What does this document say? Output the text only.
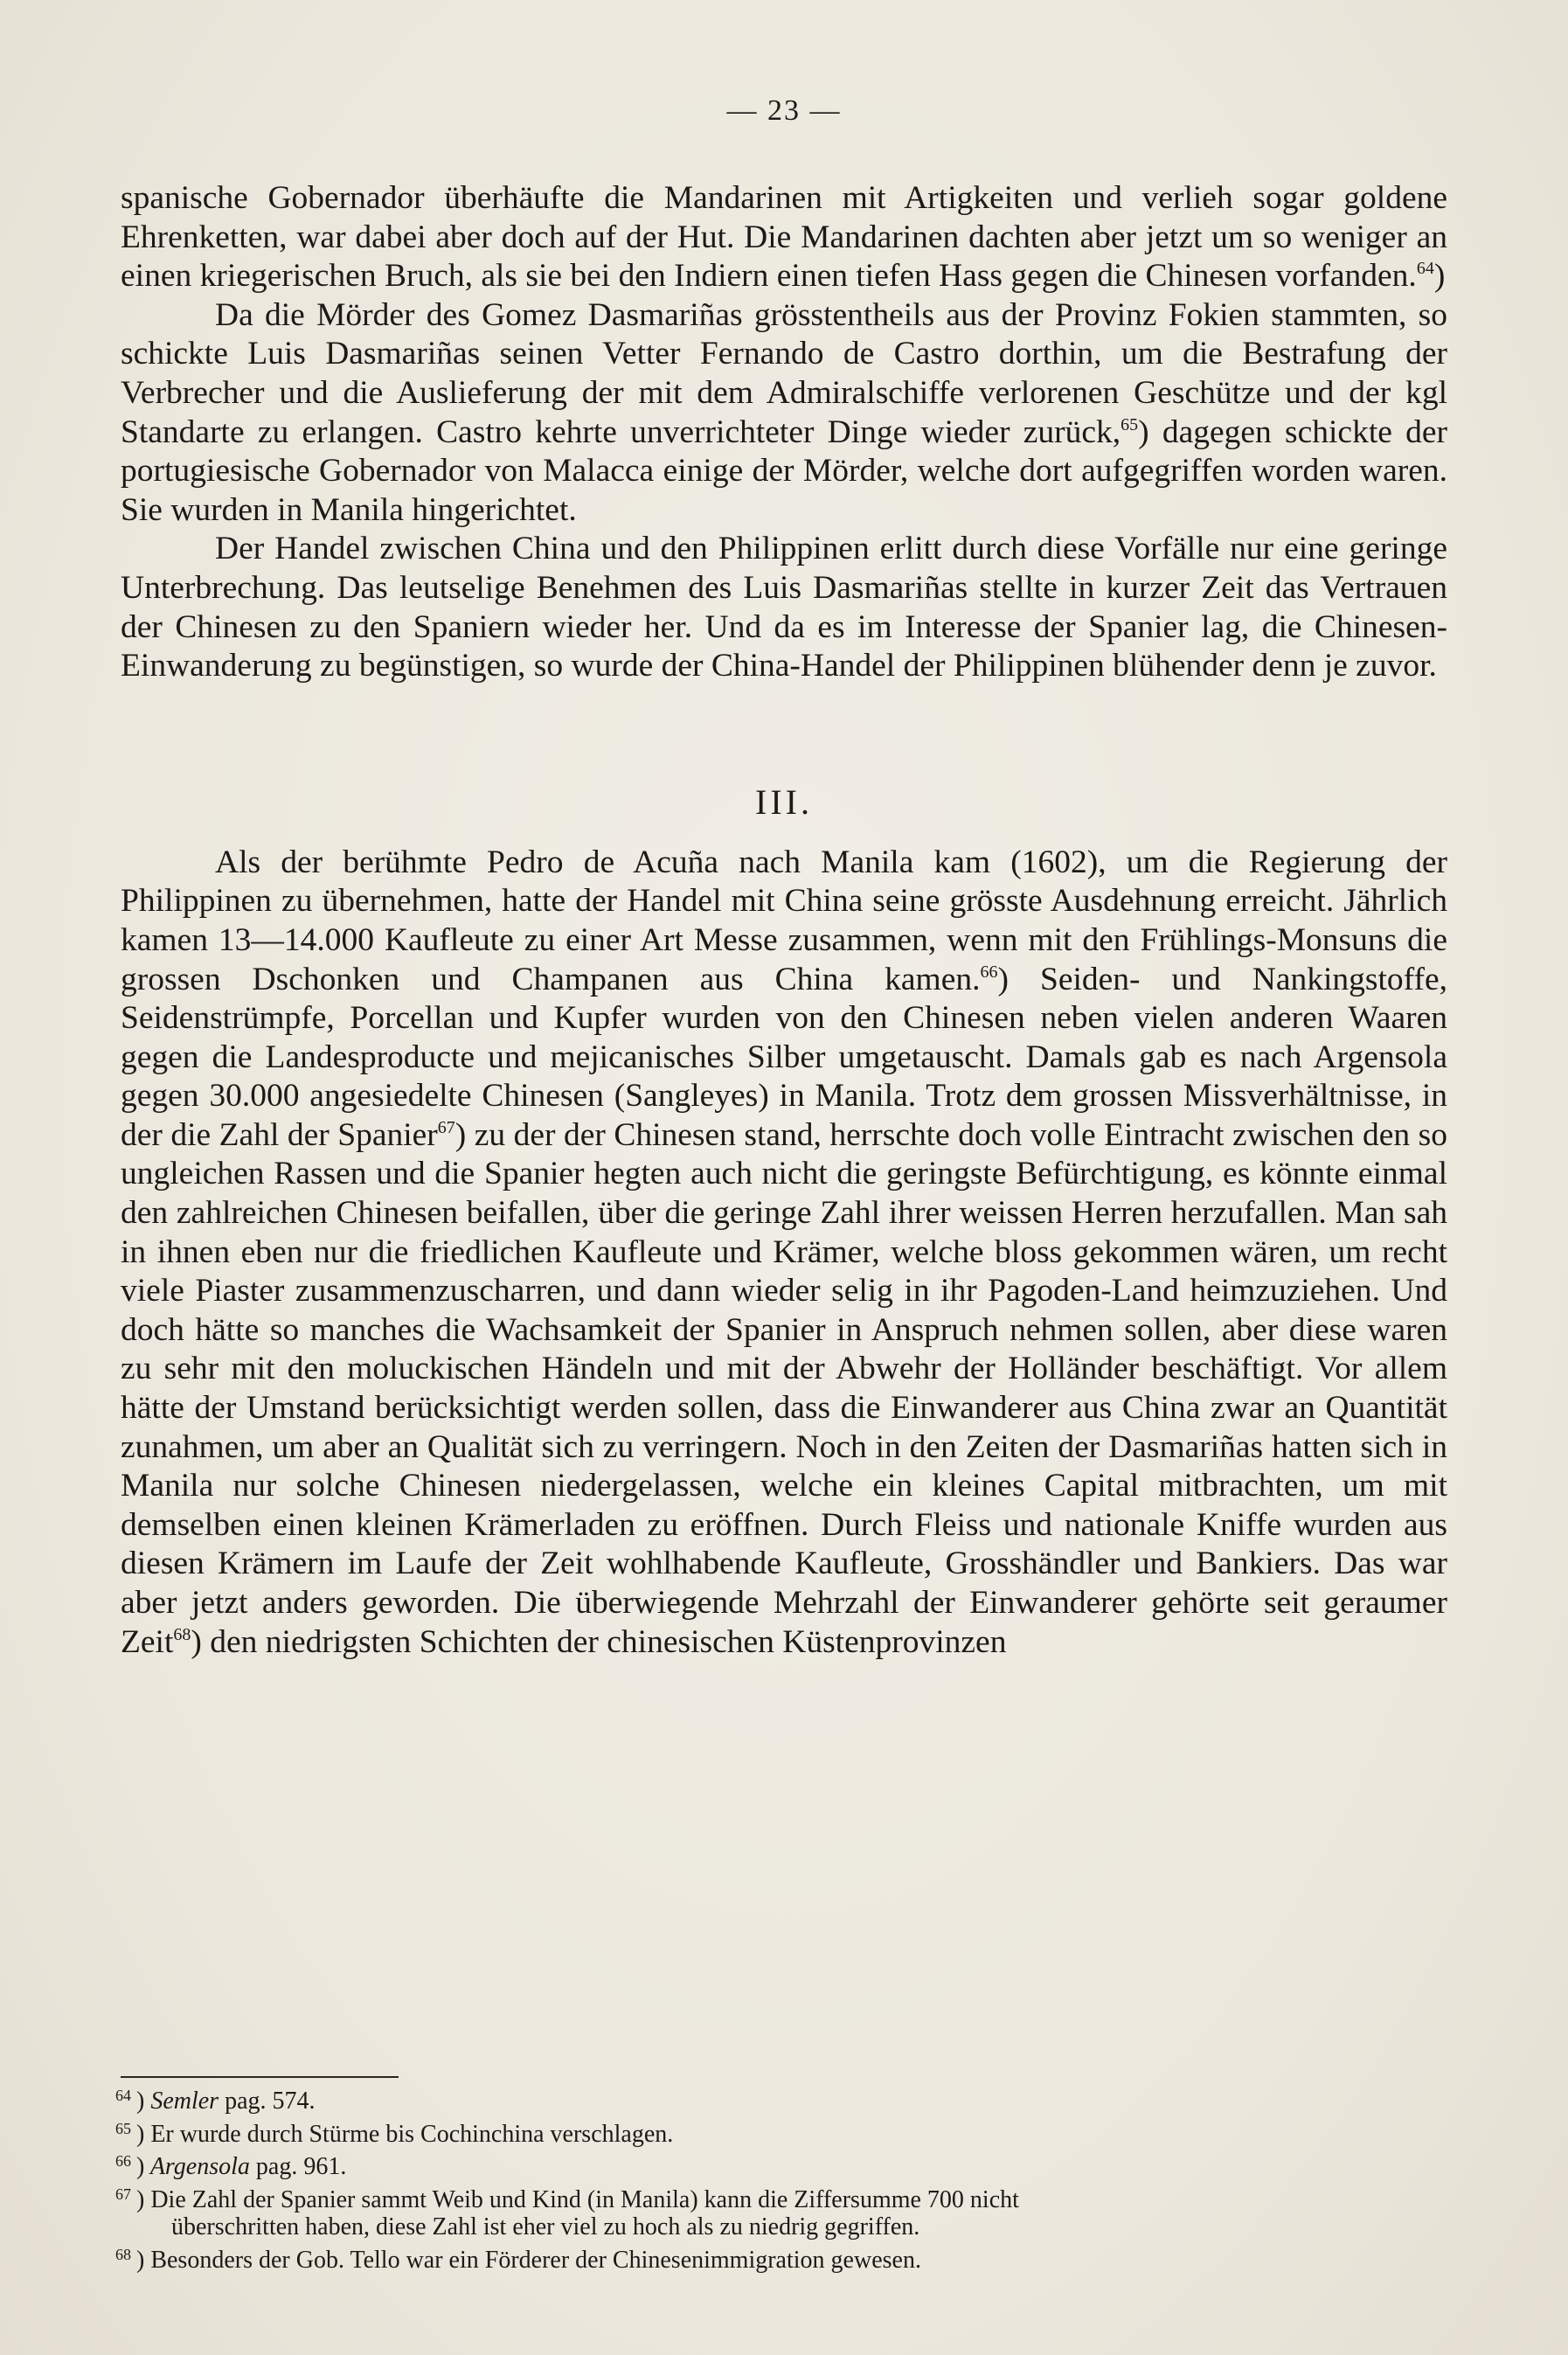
— 23 —

spanische Gobernador überhäufte die Mandarinen mit Artigkeiten und verlieh sogar goldene Ehrenketten, war dabei aber doch auf der Hut. Die Mandarinen dachten aber jetzt um so weniger an einen kriegerischen Bruch, als sie bei den Indiern einen tiefen Hass gegen die Chinesen vorfanden.$^{64}$)

Da die Mörder des Gomez Dasmariñas grösstentheils aus der Provinz Fokien stammten, so schickte Luis Dasmariñas seinen Vetter Fernando de Castro dorthin, um die Bestrafung der Verbrecher und die Auslieferung der mit dem Admiralschiffe verlorenen Geschütze und der kgl Standarte zu erlangen. Castro kehrte unverrichteter Dinge wieder zurück,$^{65}$) dagegen schickte der portugiesische Gobernador von Malacca einige der Mörder, welche dort aufgegriffen worden waren. Sie wurden in Manila hingerichtet.

Der Handel zwischen China und den Philippinen erlitt durch diese Vorfälle nur eine geringe Unterbrechung. Das leutselige Benehmen des Luis Dasmariñas stellte in kurzer Zeit das Vertrauen der Chinesen zu den Spaniern wieder her. Und da es im Interesse der Spanier lag, die Chinesen-Einwanderung zu begünstigen, so wurde der China-Handel der Philippinen blühender denn je zuvor.

III.

Als der berühmte Pedro de Acuña nach Manila kam (1602), um die Regierung der Philippinen zu übernehmen, hatte der Handel mit China seine grösste Ausdehnung erreicht. Jährlich kamen 13—14.000 Kaufleute zu einer Art Messe zusammen, wenn mit den Frühlings-Monsuns die grossen Dschonken und Champanen aus China kamen.$^{66}$) Seiden- und Nankingstoffe, Seidenstrümpfe, Porcellan und Kupfer wurden von den Chinesen neben vielen anderen Waaren gegen die Landesproducte und mejicanisches Silber umgetauscht. Damals gab es nach Argensola gegen 30.000 angesiedelte Chinesen (Sangleyes) in Manila. Trotz dem grossen Missverhältnisse, in der die Zahl der Spanier$^{67}$) zu der der Chinesen stand, herrschte doch volle Eintracht zwischen den so ungleichen Rassen und die Spanier hegten auch nicht die geringste Befürchtigung, es könnte einmal den zahlreichen Chinesen beifallen, über die geringe Zahl ihrer weissen Herren herzufallen. Man sah in ihnen eben nur die friedlichen Kaufleute und Krämer, welche bloss gekommen wären, um recht viele Piaster zusammenzuscharren, und dann wieder selig in ihr Pagoden-Land heimzuziehen. Und doch hätte so manches die Wachsamkeit der Spanier in Anspruch nehmen sollen, aber diese waren zu sehr mit den moluckischen Händeln und mit der Abwehr der Holländer beschäftigt. Vor allem hätte der Umstand berücksichtigt werden sollen, dass die Einwanderer aus China zwar an Quantität zunahmen, um aber an Qualität sich zu verringern. Noch in den Zeiten der Dasmariñas hatten sich in Manila nur solche Chinesen niedergelassen, welche ein kleines Capital mitbrachten, um mit demselben einen kleinen Krämerladen zu eröffnen. Durch Fleiss und nationale Kniffe wurden aus diesen Krämern im Laufe der Zeit wohlhabende Kaufleute, Grosshändler und Bankiers. Das war aber jetzt anders geworden. Die überwiegende Mehrzahl der Einwanderer gehörte seit geraumer Zeit$^{68}$) den niedrigsten Schichten der chinesischen Küstenprovinzen

$^{64}$ ) Semler pag. 574.
$^{65}$ ) Er wurde durch Stürme bis Cochinchina verschlagen.
$^{66}$ ) Argensola pag. 961.
$^{67}$ ) Die Zahl der Spanier sammt Weib und Kind (in Manila) kann die Ziffersumme 700 nicht
überschritten haben, diese Zahl ist eher viel zu hoch als zu niedrig gegriffen.
$^{68}$ ) Besonders der Gob. Tello war ein Förderer der Chinesenimmigration gewesen.
